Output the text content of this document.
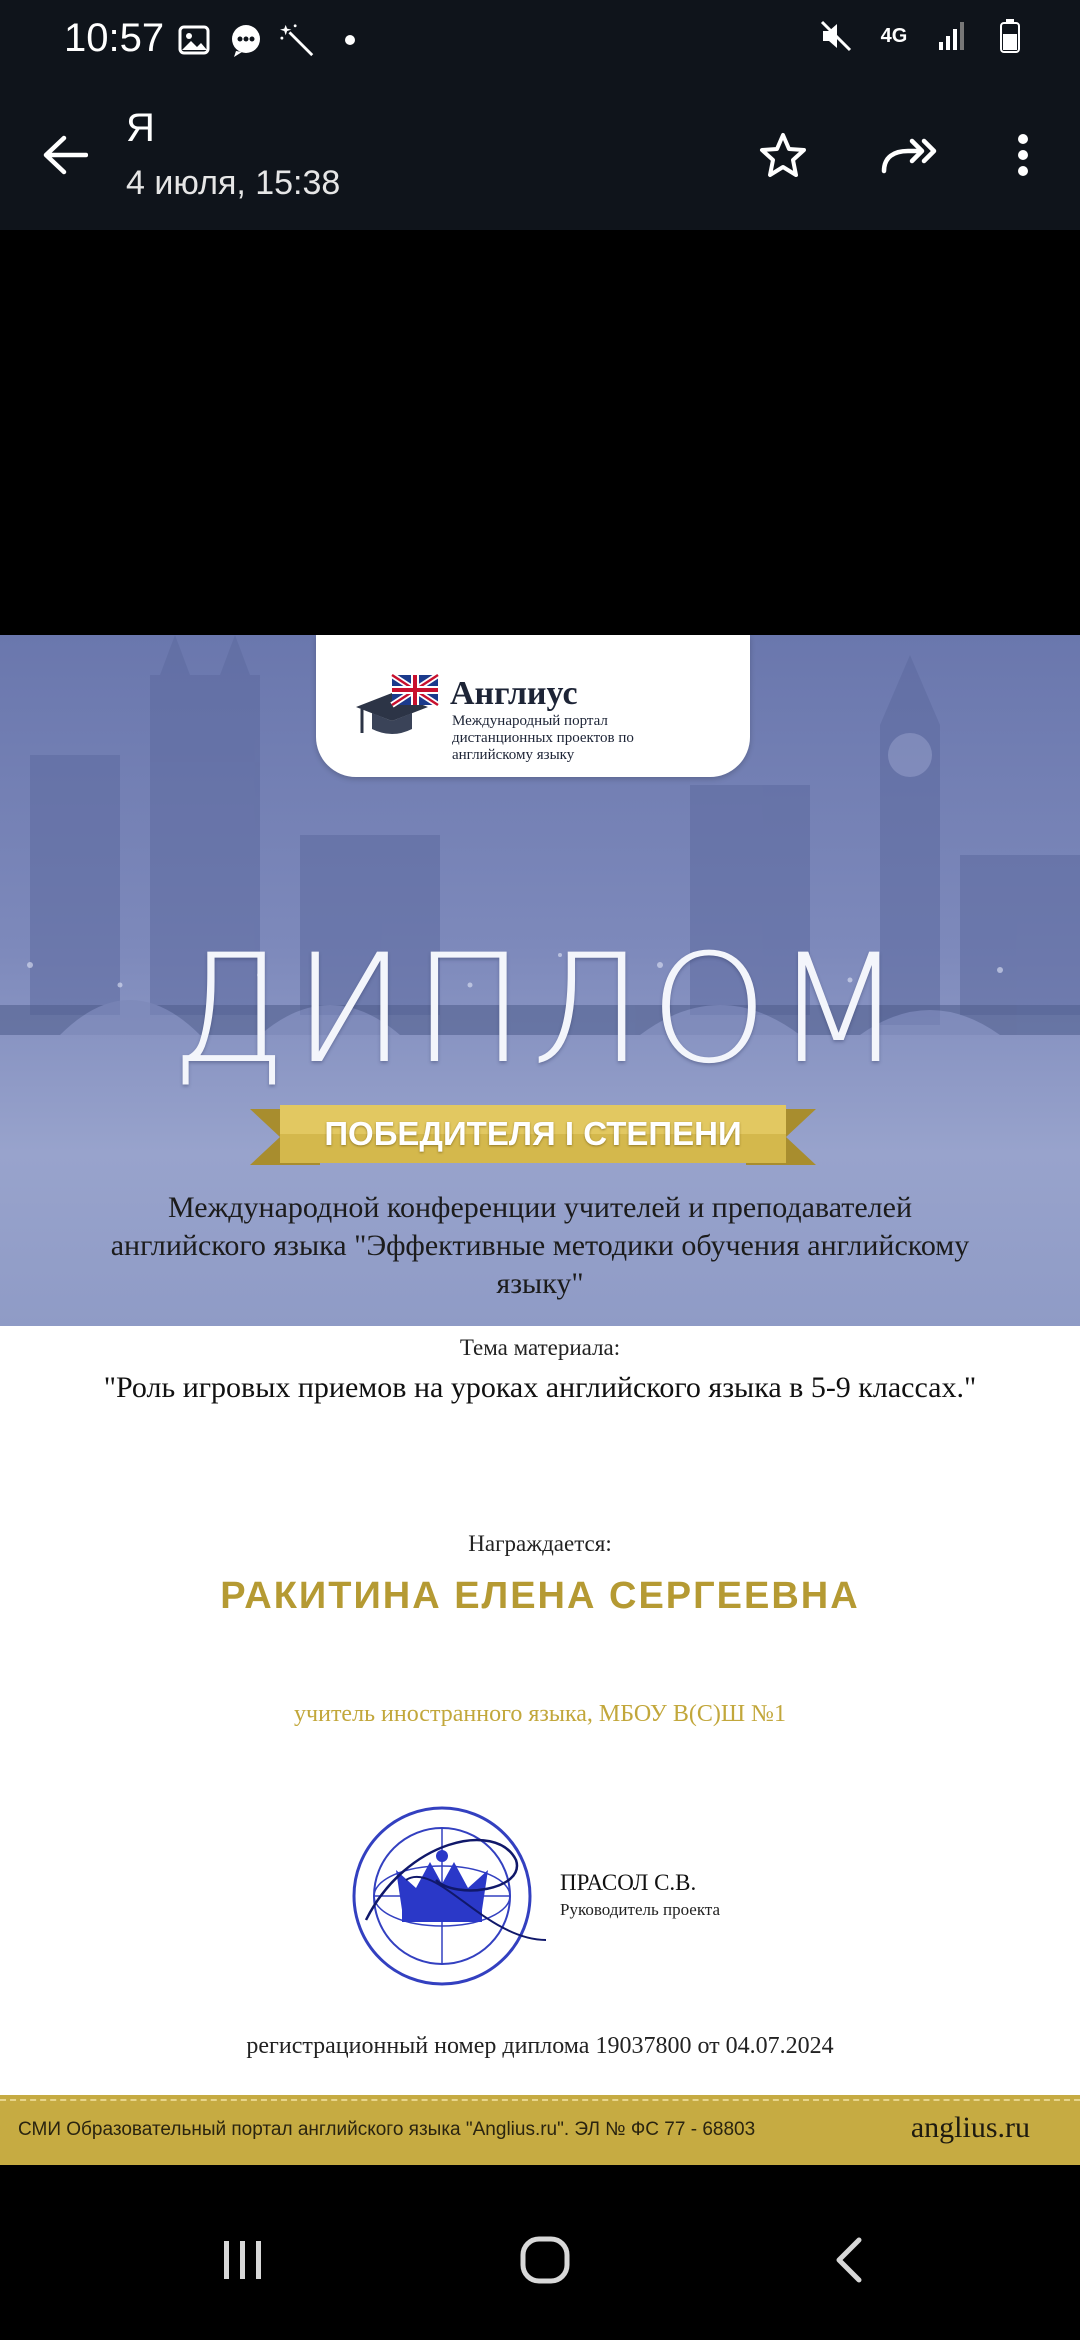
10:57	4G
Я
4 июля, 15:38
Англиус
Международный портал дистанционных проектов по английскому языку
ДИПЛОМ
ПОБЕДИТЕЛЯ I СТЕПЕНИ
Международной конференции учителей и преподавателей английского языка "Эффективные методики обучения английскому языку"
Тема материала:
"Роль игровых приемов на уроках английского языка в 5-9 классах."
Награждается:
РАКИТИНА ЕЛЕНА СЕРГЕЕВНА
учитель иностранного языка, МБОУ В(С)Ш №1
ПРАСОЛ С.В.
Руководитель проекта
регистрационный номер диплома 19037800 от 04.07.2024
СМИ Образовательный портал английского языка "Anglius.ru". ЭЛ № ФС 77 - 68803	anglius.ru
